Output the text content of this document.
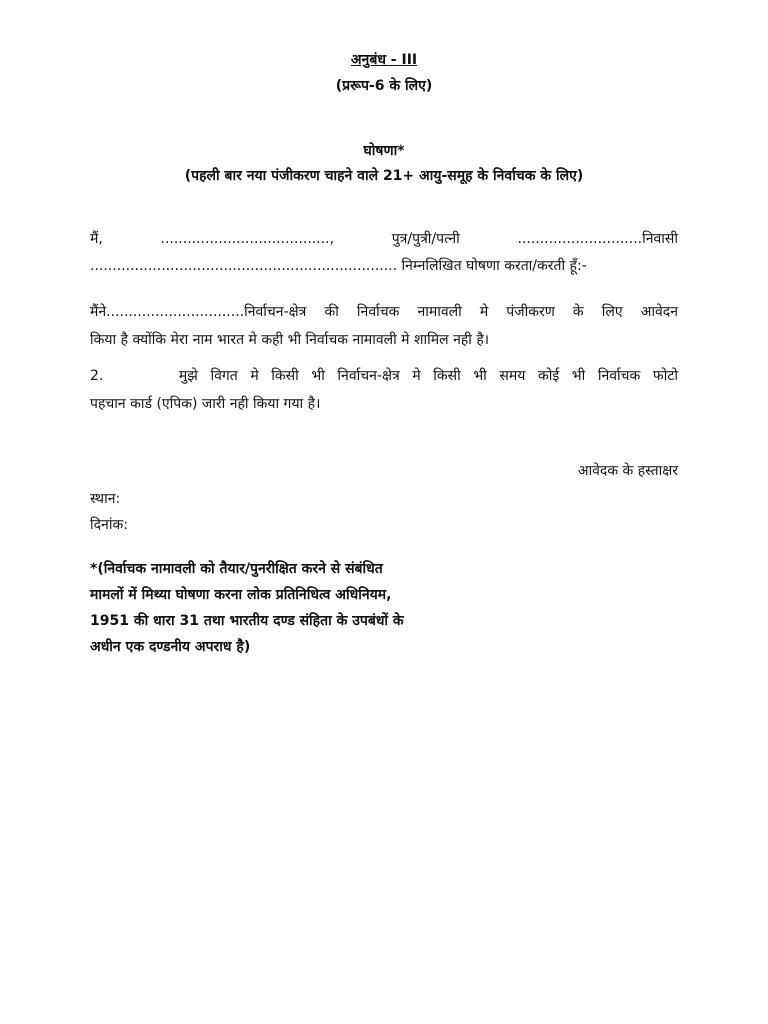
अनुबंध - III
(प्ररूप-6 के लिए)
घोषणा*
(पहली बार नया पंजीकरण चाहने वाले 21+ आयु-समूह के निर्वाचक के लिए)
मैं,	......................................,	पुत्र/पुत्री/पत्नी	............................निवासी
..................................................................... निम्नलिखित घोषणा करता/करती हूँ:-
मैंने...............................निर्वाचन-क्षेत्र की निर्वाचक नामावली मे पंजीकरण के लिए आवेदन
किया है क्योंकि मेरा नाम भारत मे कही भी निर्वाचक नामावली मे शामिल नही है।
2.      मुझे विगत मे किसी भी निर्वाचन-क्षेत्र मे किसी भी समय कोई भी निर्वाचक फोटो
पहचान कार्ड (एपिक) जारी नही किया गया है।
आवेदक के हस्ताक्षर
स्थान:
दिनांक:
*(निर्वाचक नामावली को तैयार/पुनरीक्षित करने से संबंधित
मामलों में मिथ्या घोषणा करना लोक प्रतिनिधित्व अधिनियम,
1951 की धारा 31 तथा भारतीय दण्ड संहिता के उपबंधों के
अधीन एक दण्डनीय अपराध है)
